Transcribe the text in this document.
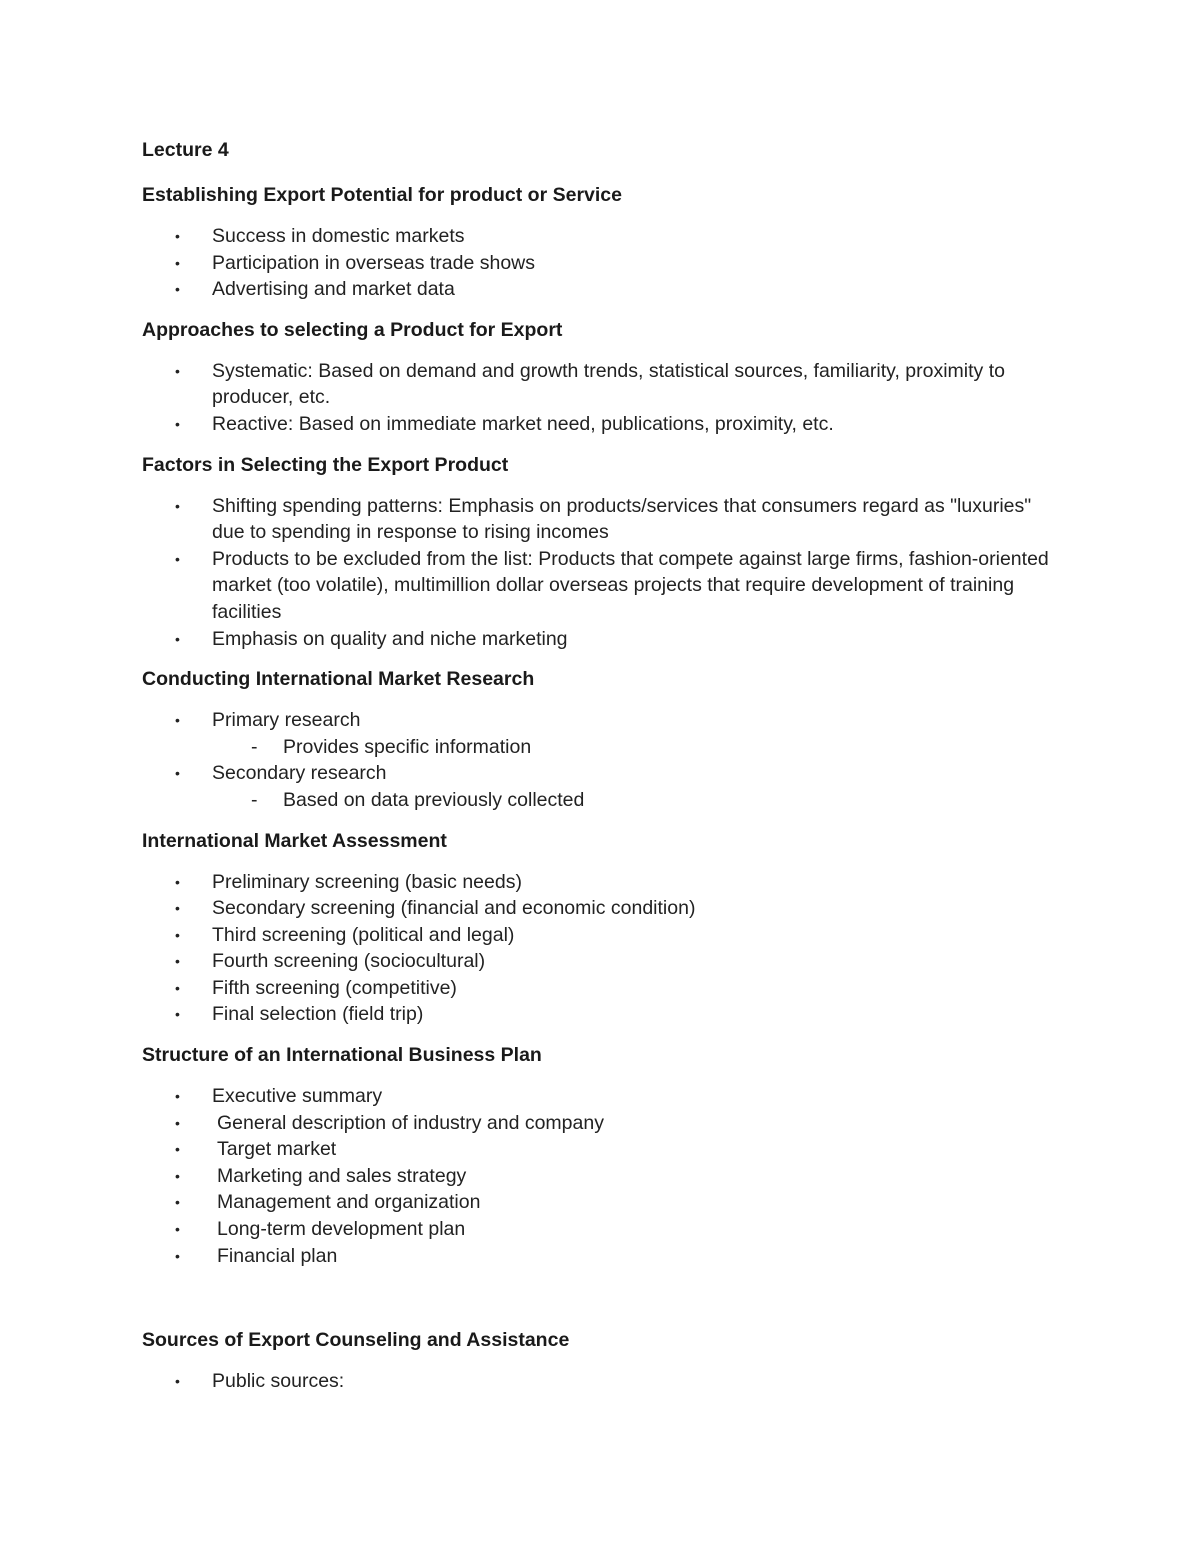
Lecture 4
Establishing Export Potential for product or Service
• Success in domestic markets
• Participation in overseas trade shows
• Advertising and market data
Approaches to selecting a Product for Export
• Systematic: Based on demand and growth trends, statistical sources, familiarity, proximity to producer, etc.
• Reactive: Based on immediate market need, publications, proximity, etc.
Factors in Selecting the Export Product
• Shifting spending patterns: Emphasis on products/services that consumers regard as "luxuries" due to spending in response to rising incomes
• Products to be excluded from the list: Products that compete against large firms, fashion-oriented market (too volatile), multimillion dollar overseas projects that require development of training facilities
• Emphasis on quality and niche marketing
Conducting International Market Research
• Primary research
- Provides specific information
• Secondary research
- Based on data previously collected
International Market Assessment
• Preliminary screening (basic needs)
• Secondary screening (financial and economic condition)
• Third screening (political and legal)
• Fourth screening (sociocultural)
• Fifth screening (competitive)
• Final selection (field trip)
Structure of an International Business Plan
• Executive summary
• General description of industry and company
• Target market
• Marketing and sales strategy
• Management and organization
• Long-term development plan
• Financial plan
Sources of Export Counseling and Assistance
• Public sources:
